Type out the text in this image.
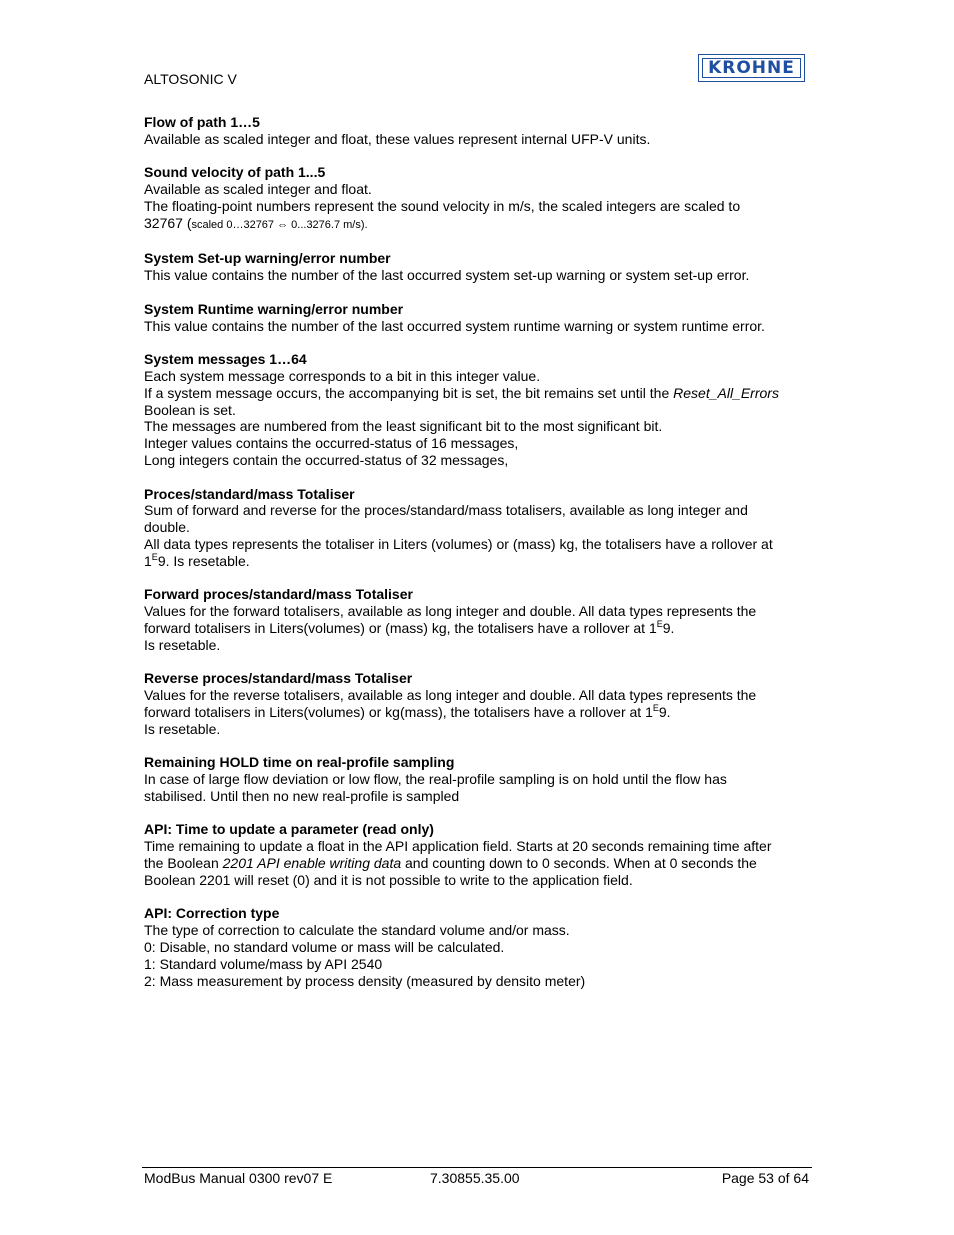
ALTOSONIC V
KROHNE
Flow of path 1…5
Available as scaled integer and float, these values represent internal UFP-V units.
Sound velocity of path 1...5
Available as scaled integer and float.
The floating-point numbers represent the sound velocity in m/s, the scaled integers are scaled to
32767 (scaled 0…32767 ⇔ 0...3276.7 m/s).
System Set-up warning/error number
This value contains the number of the last occurred system set-up warning or system set-up error.
System Runtime warning/error number
This value contains the number of the last occurred system runtime warning or system runtime error.
System messages 1…64
Each system message corresponds to a bit in this integer value.
If a system message occurs, the accompanying bit is set, the bit remains set until the Reset_All_Errors
Boolean is set.
The messages are numbered from the least significant bit to the most significant bit.
Integer values contains the occurred-status of 16 messages,
Long integers contain the occurred-status of 32 messages,
Proces/standard/mass Totaliser
Sum of forward and reverse for the proces/standard/mass totalisers, available as long integer and
double.
All data types represents the totaliser in Liters (volumes) or (mass) kg, the totalisers have a rollover at
$1^E9$. Is resetable.
Forward proces/standard/mass Totaliser
Values for the forward totalisers, available as long integer and double. All data types represents the
forward totalisers in Liters(volumes) or (mass) kg, the totalisers have a rollover at $1^E9$.
Is resetable.
Reverse proces/standard/mass Totaliser
Values for the reverse totalisers, available as long integer and double. All data types represents the
forward totalisers in Liters(volumes) or kg(mass), the totalisers have a rollover at $1^E9$.
Is resetable.
Remaining HOLD time on real-profile sampling
In case of large flow deviation or low flow, the real-profile sampling is on hold until the flow has
stabilised. Until then no new real-profile is sampled
API: Time to update a parameter (read only)
Time remaining to update a float in the API application field. Starts at 20 seconds remaining time after
the Boolean 2201 API enable writing data and counting down to 0 seconds. When at 0 seconds the
Boolean 2201 will reset (0) and it is not possible to write to the application field.
API: Correction type
The type of correction to calculate the standard volume and/or mass.
0: Disable, no standard volume or mass will be calculated.
1: Standard volume/mass by API 2540
2: Mass measurement by process density (measured by densito meter)
ModBus Manual 0300 rev07 E	7.30855.35.00	Page 53 of 64
